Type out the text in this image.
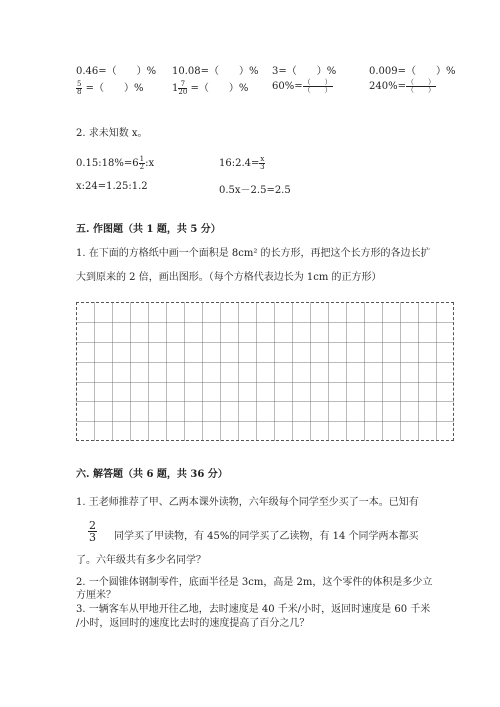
0.46=（　　）% 10.08=（　　）% 3=（　　）%	0.009=（　　）%
$\frac{5}{8}$ =（　　）%	$1 \frac{7}{20}$ =（　　）% $60\%= \frac{( )}{( )}$	$240\%= \frac{( )}{( )}$
2. 求未知数 x。
0.15:18%=6 $\frac{1}{2}$ :x	16:2.4= $\frac{x}{3}$
x:24=1.25:1.2	0.5x－2.5=2.5
五. 作图题（共 1 题，共 5 分）
1. 在下面的方格纸中画一个面积是 8cm² 的长方形，再把这个长方形的各边长扩
大到原来的 2 倍，画出图形。（每个方格代表边长为 1cm 的正方形）
六. 解答题（共 6 题，共 36 分）
1. 王老师推荐了甲、乙两本课外读物，六年级每个同学至少买了一本。已知有
$\frac{2}{3}$ 同学买了甲读物，有 45%的同学买了乙读物，有 14 个同学两本都买
了。六年级共有多少名同学？
2. 一个圆锥体钢制零件，底面半径是 3cm，高是 2m，这个零件的体积是多少立
方厘米？
3. 一辆客车从甲地开往乙地，去时速度是 40 千米/小时，返回时速度是 60 千米
/小时，返回时的速度比去时的速度提高了百分之几？
